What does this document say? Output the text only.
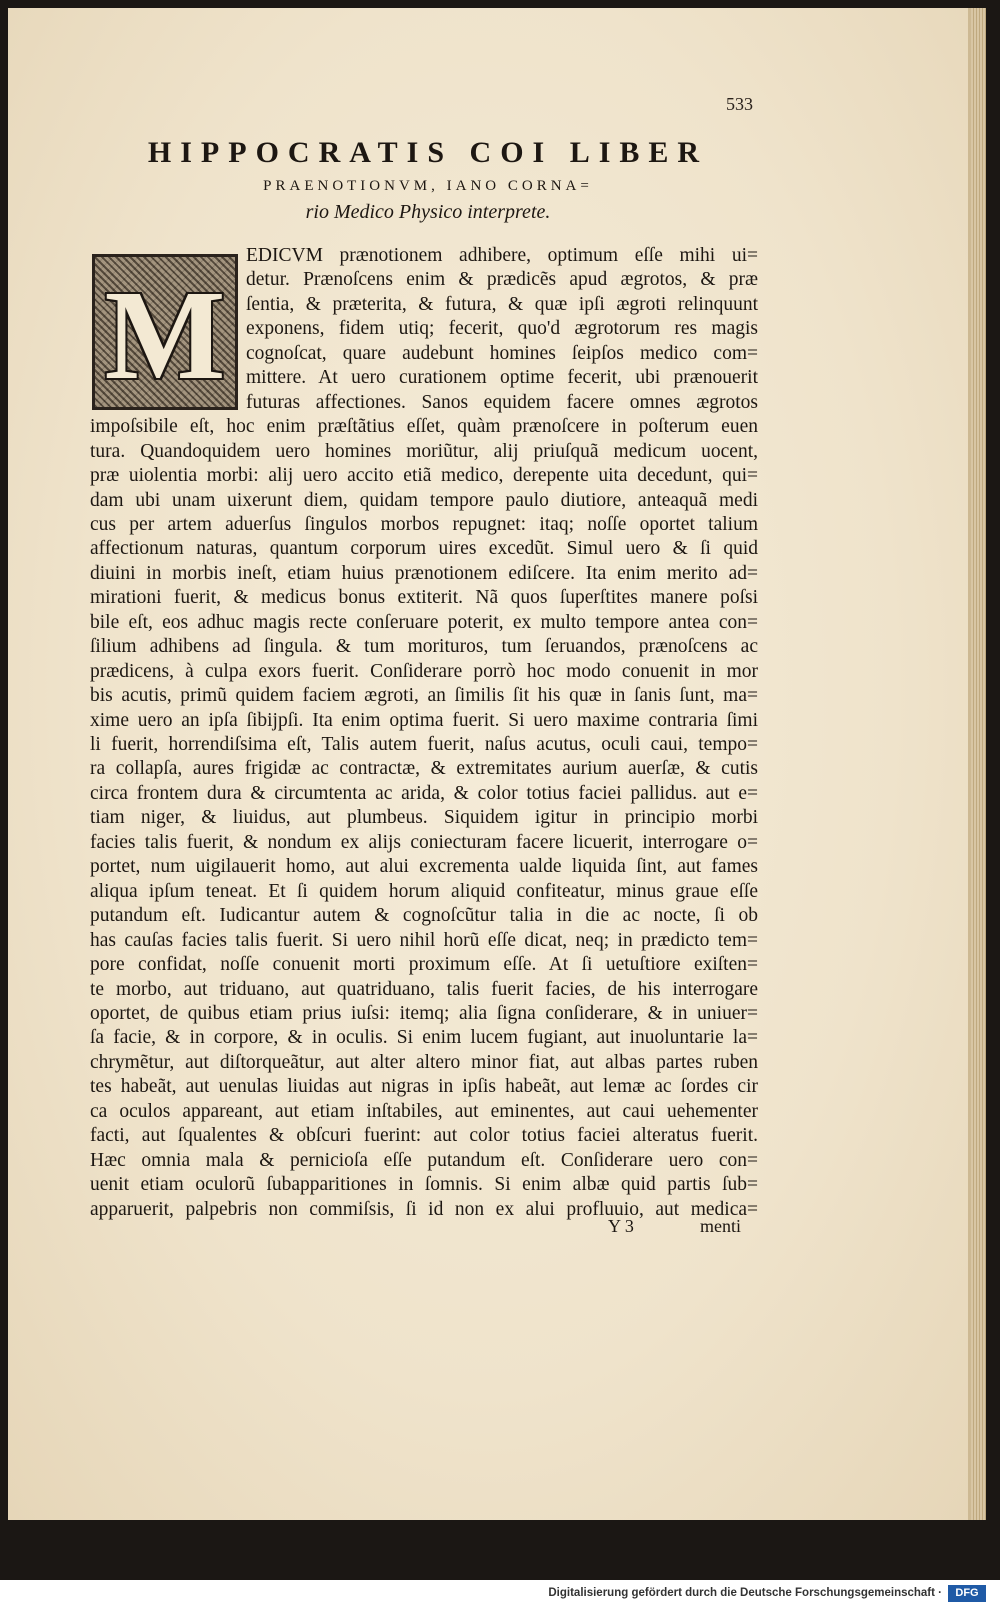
533
HIPPOCRATIS COI LIBER
PRAENOTIONVM, IANO CORNA=
rio Medico Physico interprete.
M
EDICVM prænotionem adhibere, optimum eſſe mihi ui=
detur. Prænoſcens enim & prædicẽs apud ægrotos, & præ
ſentia, & præterita, & futura, & quæ ipſi ægroti relinquunt
exponens, fidem utiq; fecerit, quo'd ægrotorum res magis
cognoſcat, quare audebunt homines ſeipſos medico com=
mittere. At uero curationem optime fecerit, ubi prænouerit
futuras affectiones. Sanos equidem facere omnes ægrotos
impoſsibile eſt, hoc enim præſtãtius eſſet, quàm prænoſcere in poſterum euen
tura. Quandoquidem uero homines moriũtur, alij priuſquã medicum uocent,
præ uiolentia morbi: alij uero accito etiã medico, derepente uita decedunt, qui=
dam ubi unam uixerunt diem, quidam tempore paulo diutiore, anteaquã medi
cus per artem aduerſus ſingulos morbos repugnet: itaq; noſſe oportet talium
affectionum naturas, quantum corporum uires excedũt. Simul uero & ſi quid
diuini in morbis ineſt, etiam huius prænotionem ediſcere. Ita enim merito ad=
mirationi fuerit, & medicus bonus extiterit. Nã quos ſuperſtites manere poſsi
bile eſt, eos adhuc magis recte conſeruare poterit, ex multo tempore antea con=
ſilium adhibens ad ſingula. & tum morituros, tum ſeruandos, prænoſcens ac
prædicens, à culpa exors fuerit. Conſiderare porrò hoc modo conuenit in mor
bis acutis, primũ quidem faciem ægroti, an ſimilis ſit his quæ in ſanis ſunt, ma=
xime uero an ipſa ſibijpſi. Ita enim optima fuerit. Si uero maxime contraria ſimi
li fuerit, horrendiſsima eſt, Talis autem fuerit, naſus acutus, oculi caui, tempo=
ra collapſa, aures frigidæ ac contractæ, & extremitates aurium auerſæ, & cutis
circa frontem dura & circumtenta ac arida, & color totius faciei pallidus. aut e=
tiam niger, & liuidus, aut plumbeus. Siquidem igitur in principio morbi
facies talis fuerit, & nondum ex alijs coniecturam facere licuerit, interrogare o=
portet, num uigilauerit homo, aut alui excrementa ualde liquida ſint, aut fames
aliqua ipſum teneat. Et ſi quidem horum aliquid confiteatur, minus graue eſſe
putandum eſt. Iudicantur autem & cognoſcũtur talia in die ac nocte, ſi ob
has cauſas facies talis fuerit. Si uero nihil horũ eſſe dicat, neq; in prædicto tem=
pore confidat, noſſe conuenit morti proximum eſſe. At ſi uetuſtiore exiſten=
te morbo, aut triduano, aut quatriduano, talis fuerit facies, de his interrogare
oportet, de quibus etiam prius iuſsi: itemq; alia ſigna conſiderare, & in uniuer=
ſa facie, & in corpore, & in oculis. Si enim lucem fugiant, aut inuoluntarie la=
chrymẽtur, aut diſtorqueãtur, aut alter altero minor fiat, aut albas partes ruben
tes habeãt, aut uenulas liuidas aut nigras in ipſis habeãt, aut lemæ ac ſordes cir
ca oculos appareant, aut etiam inſtabiles, aut eminentes, aut caui uehementer
facti, aut ſqualentes & obſcuri fuerint: aut color totius faciei alteratus fuerit.
Hæc omnia mala & pernicioſa eſſe putandum eſt. Conſiderare uero con=
uenit etiam oculorũ ſubapparitiones in ſomnis. Si enim albæ quid partis ſub=
apparuerit, palpebris non commiſsis, ſi id non ex alui profluuio, aut medica=
Y 3	menti
Digitalisierung gefördert durch die Deutsche Forschungsgemeinschaft ·	DFG
